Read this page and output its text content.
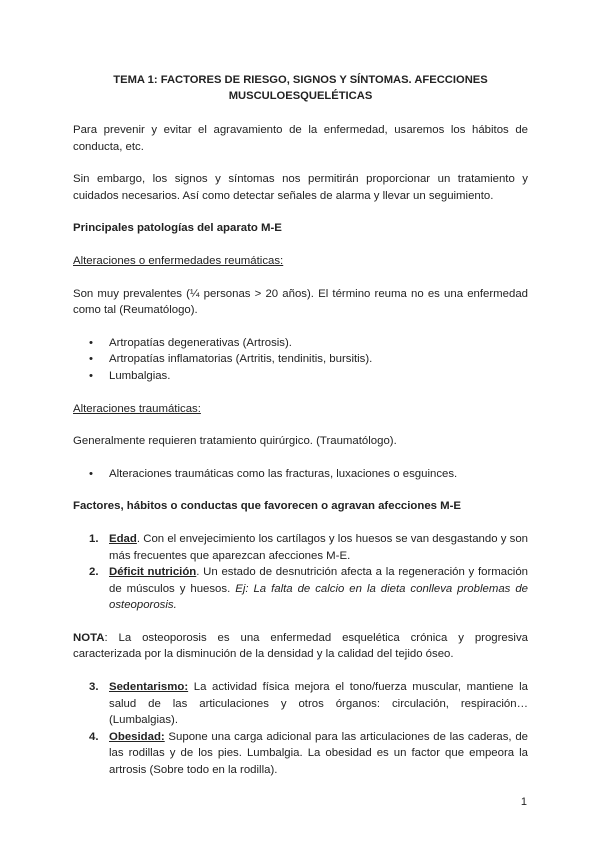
TEMA 1: FACTORES DE RIESGO, SIGNOS Y SÍNTOMAS. AFECCIONES
MUSCULOESQUELÉTICAS

Para prevenir y evitar el agravamiento de la enfermedad, usaremos los hábitos de conducta, etc.

Sin embargo, los signos y síntomas nos permitirán proporcionar un tratamiento y cuidados necesarios. Así como detectar señales de alarma y llevar un seguimiento.

Principales patologías del aparato M-E
Alteraciones o enfermedades reumáticas:

Son muy prevalentes (¼ personas > 20 años). El término reuma no es una enfermedad como tal (Reumatólogo).

• Artropatías degenerativas (Artrosis).
• Artropatías inflamatorias (Artritis, tendinitis, bursitis).
• Lumbalgias.
Alteraciones traumáticas:

Generalmente requieren tratamiento quirúrgico. (Traumatólogo).

• Alteraciones traumáticas como las fracturas, luxaciones o esguinces.
Factores, hábitos o conductas que favorecen o agravan afecciones M-E
1. Edad. Con el envejecimiento los cartílagos y los huesos se van desgastando y son más frecuentes que aparezcan afecciones M-E.
2. Déficit nutrición. Un estado de desnutrición afecta a la regeneración y formación de músculos y huesos. Ej: La falta de calcio en la dieta conlleva problemas de osteoporosis.

NOTA: La osteoporosis es una enfermedad esquelética crónica y progresiva caracterizada por la disminución de la densidad y la calidad del tejido óseo.

3. Sedentarismo: La actividad física mejora el tono/fuerza muscular, mantiene la salud de las articulaciones y otros órganos: circulación, respiración… (Lumbalgias).
4. Obesidad: Supone una carga adicional para las articulaciones de las caderas, de las rodillas y de los pies. Lumbalgia. La obesidad es un factor que empeora la artrosis (Sobre todo en la rodilla).
1
